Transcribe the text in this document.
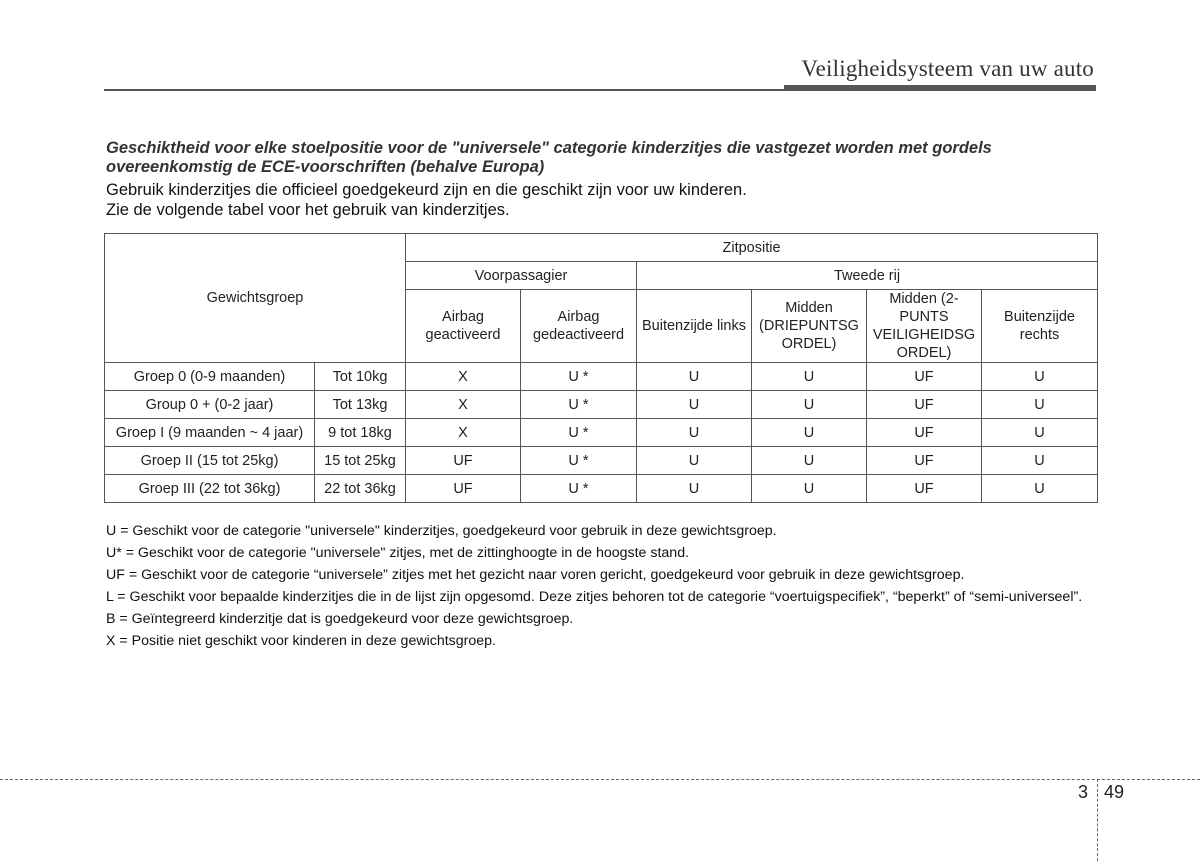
Veiligheidsysteem van uw auto
Geschiktheid voor elke stoelpositie voor de "universele" categorie kinderzitjes die vastgezet worden met gordels overeenkomstig de ECE-voorschriften (behalve Europa)
Gebruik kinderzitjes die officieel goedgekeurd zijn en die geschikt zijn voor uw kinderen.
Zie de volgende tabel voor het gebruik van kinderzitjes.
Gewichtsgroep		Zitpositie					
		Voorpassagier		Tweede rij			
		Airbag geactiveerd	Airbag gedeactiveerd	Buitenzijde links	Midden (DRIEPUNTSG ORDEL)	Midden (2-PUNTS VEILIGHEIDSG ORDEL)	Buitenzijde rechts
Groep 0 (0-9 maanden)	Tot 10kg	X	U *	U	U	UF	U
Group 0 + (0-2 jaar)	Tot 13kg	X	U *	U	U	UF	U
Groep I (9 maanden ~ 4 jaar)	9 tot 18kg	X	U *	U	U	UF	U
Groep II (15 tot 25kg)	15 tot 25kg	UF	U *	U	U	UF	U
Groep III (22 tot 36kg)	22 tot 36kg	UF	U *	U	U	UF	U
U = Geschikt voor de categorie "universele" kinderzitjes, goedgekeurd voor gebruik in deze gewichtsgroep.
U* = Geschikt voor de categorie "universele" zitjes, met de zittinghoogte in de hoogste stand.
UF = Geschikt voor de categorie “universele” zitjes met het gezicht naar voren gericht, goedgekeurd voor gebruik in deze gewichtsgroep.
L = Geschikt voor bepaalde kinderzitjes die in de lijst zijn opgesomd. Deze zitjes behoren tot de categorie “voertuigspecifiek”, “beperkt” of “semi-universeel”.
B = Geïntegreerd kinderzitje dat is goedgekeurd voor deze gewichtsgroep.
X = Positie niet geschikt voor kinderen in deze gewichtsgroep.
3 49
